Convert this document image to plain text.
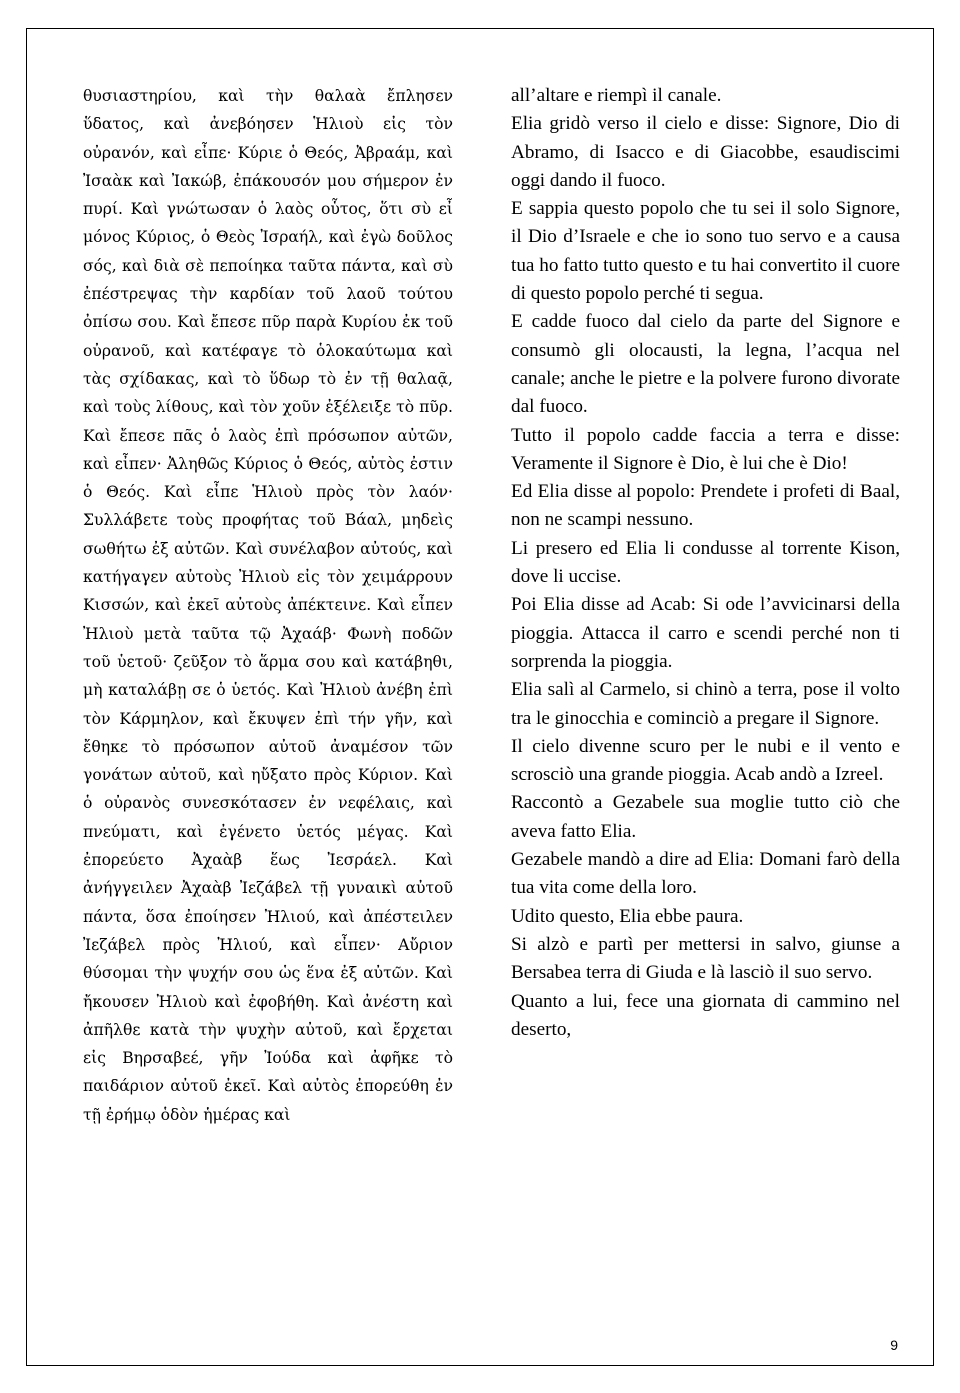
θυσιαστηρίου, καὶ τὴν θαλαὰ ἔπλησεν ὕδατος, καὶ ἀνεβόησεν Ἡλιοὺ εἰς τὸν οὐρανόν, καὶ εἶπε· Κύριε ὁ Θεός, Ἀβραάμ, καὶ Ἰσαὰκ καὶ Ἰακώβ, ἐπάκουσόν μου σήμερον ἐν πυρί. Καὶ γνώτωσαν ὁ λαὸς οὗτος, ὅτι σὺ εἶ μόνος Κύριος, ὁ Θεὸς Ἰσραήλ, καὶ ἐγὼ δοῦλος σός, καὶ διὰ σὲ πεποίηκα ταῦτα πάντα, καὶ σὺ ἐπέστρεψας τὴν καρδίαν τοῦ λαοῦ τούτου ὀπίσω σου. Καὶ ἔπεσε πῦρ παρὰ Κυρίου ἐκ τοῦ οὐρανοῦ, καὶ κατέφαγε τὸ ὁλοκαύτωμα καὶ τὰς σχίδακας, καὶ τὸ ὕδωρ τὸ ἐν τῇ θαλαᾷ, καὶ τοὺς λίθους, καὶ τὸν χοῦν ἐξέλειξε τὸ πῦρ. Καὶ ἔπεσε πᾶς ὁ λαὸς ἐπὶ πρόσωπον αὐτῶν, καὶ εἶπεν· Ἀληθῶς Κύριος ὁ Θεός, αὐτὸς ἐστιν ὁ Θεός. Καὶ εἶπε Ἡλιοὺ πρὸς τὸν λαόν· Συλλάβετε τοὺς προφήτας τοῦ Βάαλ, μηδεὶς σωθήτω ἐξ αὐτῶν. Καὶ συνέλαβον αὐτούς, καὶ κατήγαγεν αὐτοὺς Ἠλιοὺ εἰς τὸν χειμάρρουν Κισσών, καὶ ἐκεῖ αὐτοὺς ἀπέκτεινε. Καὶ εἶπεν Ἠλιοὺ μετὰ ταῦτα τῷ Ἀχαάβ· Φωνὴ ποδῶν τοῦ ὑετοῦ· ζεῦξον τὸ ἅρμα σου καὶ κατάβηθι, μὴ καταλάβῃ σε ὁ ὑετός. Καὶ Ἠλιοὺ ἀνέβη ἐπὶ τὸν Κάρμηλον, καὶ ἔκυψεν ἐπὶ τήν γῆν, καὶ ἔθηκε τὸ πρόσωπον αὐτοῦ ἀναμέσον τῶν γονάτων αὐτοῦ, καὶ ηὔξατο πρὸς Κύριον. Καὶ ὁ οὐρανὸς συνεσκότασεν ἐν νεφέλαις, καὶ πνεύματι, καὶ ἐγένετο ὑετός μέγας. Καὶ ἐπορεύετο Ἀχαὰβ ἕως Ἰεσράελ. Καὶ ἀνήγγειλεν Ἀχαὰβ Ἰεζάβελ τῇ γυναικὶ αὐτοῦ πάντα, ὅσα ἐποίησεν Ἠλιού, καὶ ἀπέστειλεν Ἰεζάβελ πρὸς Ἠλιού, καὶ εἶπεν· Αὔριον θύσομαι τὴν ψυχήν σου ὡς ἕνα ἐξ αὐτῶν. Καὶ ἤκουσεν Ἠλιοὺ καὶ ἐφοβήθη. Καὶ ἀνέστη καὶ ἀπῆλθε κατὰ τὴν ψυχὴν αὐτοῦ, καὶ ἔρχεται εἰς Βηρσαβεέ, γῆν Ἰούδα καὶ ἀφῆκε τὸ παιδάριον αὐτοῦ ἐκεῖ. Καὶ αὐτὸς ἐπορεύθη ἐν τῇ ἐρήμῳ ὁδὸν ἡμέρας καὶ

all’altare e riempì il canale.

Elia gridò verso il cielo e disse: Signore, Dio di Abramo, di Isacco e di Giacobbe, esaudiscimi oggi dando il fuoco.

E sappia questo popolo che tu sei il solo Signore, il Dio d’Israele e che io sono tuo servo e a causa tua ho fatto tutto questo e tu hai convertito il cuore di questo popolo perché ti segua.

E cadde fuoco dal cielo da parte del Signore e consumò gli olocausti, la legna, l’acqua nel canale; anche le pietre e la polvere furono divorate dal fuoco.

Tutto il popolo cadde faccia a terra e disse: Veramente il Signore è Dio, è lui che è Dio!

Ed Elia disse al popolo: Prendete i profeti di Baal, non ne scampi nessuno.

Li presero ed Elia li condusse al torrente Kison, dove li uccise.

Poi Elia disse ad Acab: Si ode l’avvicinarsi della pioggia. Attacca il carro e scendi perché non ti sorprenda la pioggia.

Elia salì al Carmelo, si chinò a terra, pose il volto tra le ginocchia e cominciò a pregare il Signore.

Il cielo divenne scuro per le nubi e il vento e scrosciò una grande pioggia. Acab andò a Izreel.

Raccontò a Gezabele sua moglie tutto ciò che aveva fatto Elia.

Gezabele mandò a dire ad Elia: Domani farò della tua vita come della loro.

Udito questo, Elia ebbe paura.

Si alzò e partì per mettersi in salvo, giunse a Bersabea terra di Giuda e là lasciò il suo servo.

Quanto a lui, fece una giornata di cammino nel deserto,

9
